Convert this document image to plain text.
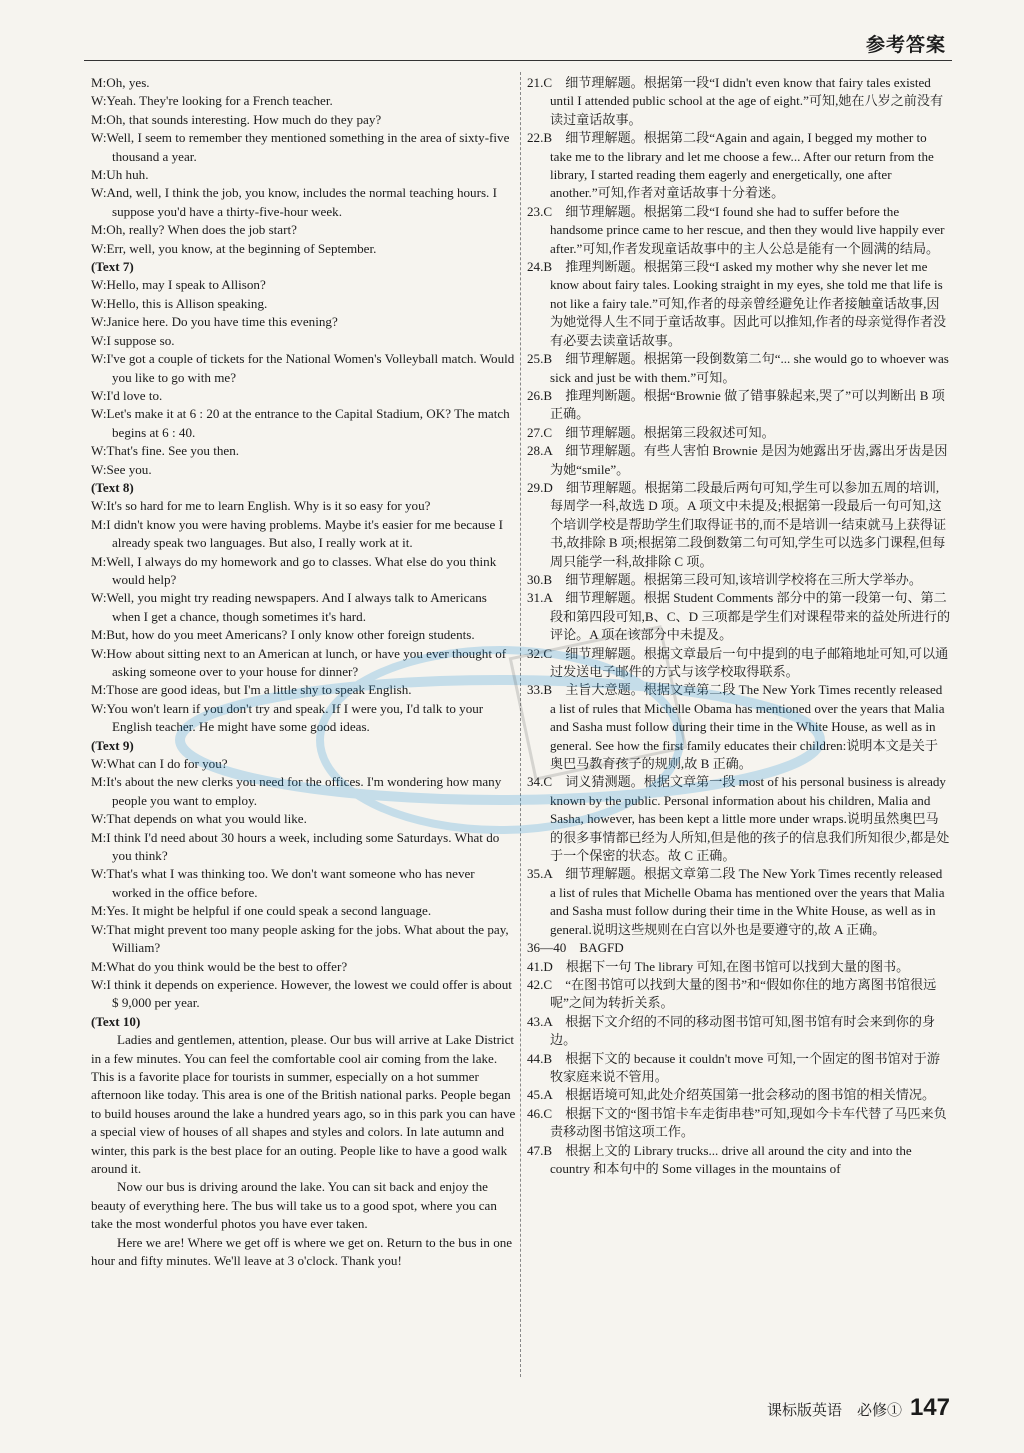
参考答案
M:Oh, yes.
W:Yeah. They're looking for a French teacher.
M:Oh, that sounds interesting. How much do they pay?
W:Well, I seem to remember they mentioned something in the area of sixty-five thousand a year.
M:Uh huh.
W:And, well, I think the job, you know, includes the normal teaching hours. I suppose you'd have a thirty-five-hour week.
M:Oh, really? When does the job start?
W:Err, well, you know, at the beginning of September.
(Text 7)
W:Hello, may I speak to Allison?
W:Hello, this is Allison speaking.
W:Janice here. Do you have time this evening?
W:I suppose so.
W:I've got a couple of tickets for the National Women's Volleyball match. Would you like to go with me?
W:I'd love to.
W:Let's make it at 6 : 20 at the entrance to the Capital Stadium, OK? The match begins at 6 : 40.
W:That's fine. See you then.
W:See you.
(Text 8)
W:It's so hard for me to learn English. Why is it so easy for you?
M:I didn't know you were having problems. Maybe it's easier for me because I already speak two languages. But also, I really work at it.
M:Well, I always do my homework and go to classes. What else do you think would help?
W:Well, you might try reading newspapers. And I always talk to Americans when I get a chance, though sometimes it's hard.
M:But, how do you meet Americans? I only know other foreign students.
W:How about sitting next to an American at lunch, or have you ever thought of asking someone over to your house for dinner?
M:Those are good ideas, but I'm a little shy to speak English.
W:You won't learn if you don't try and speak. If I were you, I'd talk to your English teacher. He might have some good ideas.
(Text 9)
W:What can I do for you?
M:It's about the new clerks you need for the offices. I'm wondering how many people you want to employ.
W:That depends on what you would like.
M:I think I'd need about 30 hours a week, including some Saturdays. What do you think?
W:That's what I was thinking too. We don't want someone who has never worked in the office before.
M:Yes. It might be helpful if one could speak a second language.
W:That might prevent too many people asking for the jobs. What about the pay, William?
M:What do you think would be the best to offer?
W:I think it depends on experience. However, the lowest we could offer is about $ 9,000 per year.
(Text 10)
Ladies and gentlemen, attention, please. Our bus will arrive at Lake District in a few minutes. You can feel the comfortable cool air coming from the lake. This is a favorite place for tourists in summer, especially on a hot summer afternoon like today. This area is one of the British national parks. People began to build houses around the lake a hundred years ago, so in this park you can have a special view of houses of all shapes and styles and colors. In late autumn and winter, this park is the best place for an outing. People like to have a good walk around it.
Now our bus is driving around the lake. You can sit back and enjoy the beauty of everything here. The bus will take us to a good spot, where you can take the most wonderful photos you have ever taken.
Here we are! Where we get off is where we get on. Return to the bus in one hour and fifty minutes. We'll leave at 3 o'clock. Thank you!
21.C　细节理解题。根据第一段“I didn't even know that fairy tales existed until I attended public school at the age of eight.”可知,她在八岁之前没有读过童话故事。
22.B　细节理解题。根据第二段“Again and again, I begged my mother to take me to the library and let me choose a few... After our return from the library, I started reading them eagerly and energetically, one after another.”可知,作者对童话故事十分着迷。
23.C　细节理解题。根据第二段“I found she had to suffer before the handsome prince came to her rescue, and then they would live happily ever after.”可知,作者发现童话故事中的主人公总是能有一个圆满的结局。
24.B　推理判断题。根据第三段“I asked my mother why she never let me know about fairy tales. Looking straight in my eyes, she told me that life is not like a fairy tale.”可知,作者的母亲曾经避免让作者接触童话故事,因为她觉得人生不同于童话故事。因此可以推知,作者的母亲觉得作者没有必要去读童话故事。
25.B　细节理解题。根据第一段倒数第二句“... she would go to whoever was sick and just be with them.”可知。
26.B　推理判断题。根据“Brownie 做了错事躲起来,哭了”可以判断出 B 项正确。
27.C　细节理解题。根据第三段叙述可知。
28.A　细节理解题。有些人害怕 Brownie 是因为她露出牙齿,露出牙齿是因为她“smile”。
29.D　细节理解题。根据第二段最后两句可知,学生可以参加五周的培训,每周学一科,故选 D 项。A 项文中未提及;根据第一段最后一句可知,这个培训学校是帮助学生们取得证书的,而不是培训一结束就马上获得证书,故排除 B 项;根据第二段倒数第二句可知,学生可以选多门课程,但每周只能学一科,故排除 C 项。
30.B　细节理解题。根据第三段可知,该培训学校将在三所大学举办。
31.A　细节理解题。根据 Student Comments 部分中的第一段第一句、第二段和第四段可知,B、C、D 三项都是学生们对课程带来的益处所进行的评论。A 项在该部分中未提及。
32.C　细节理解题。根据文章最后一句中提到的电子邮箱地址可知,可以通过发送电子邮件的方式与该学校取得联系。
33.B　主旨大意题。根据文章第二段 The New York Times recently released a list of rules that Michelle Obama has mentioned over the years that Malia and Sasha must follow during their time in the White House, as well as in general. See how the first family educates their children:说明本文是关于奥巴马教育孩子的规则,故 B 正确。
34.C　词义猜测题。根据文章第一段 most of his personal business is already known by the public. Personal information about his children, Malia and Sasha, however, has been kept a little more under wraps.说明虽然奥巴马的很多事情都已经为人所知,但是他的孩子的信息我们所知很少,都是处于一个保密的状态。故 C 正确。
35.A　细节理解题。根据文章第二段 The New York Times recently released a list of rules that Michelle Obama has mentioned over the years that Malia and Sasha must follow during their time in the White House, as well as in general.说明这些规则在白宫以外也是要遵守的,故 A 正确。
36—40　BAGFD
41.D　根据下一句 The library 可知,在图书馆可以找到大量的图书。
42.C　“在图书馆可以找到大量的图书”和“假如你住的地方离图书馆很远呢”之间为转折关系。
43.A　根据下文介绍的不同的移动图书馆可知,图书馆有时会来到你的身边。
44.B　根据下文的 because it couldn't move 可知,一个固定的图书馆对于游牧家庭来说不管用。
45.A　根据语境可知,此处介绍英国第一批会移动的图书馆的相关情况。
46.C　根据下文的“图书馆卡车走街串巷”可知,现如今卡车代替了马匹来负责移动图书馆这项工作。
47.B　根据上文的 Library trucks... drive all around the city and into the country 和本句中的 Some villages in the mountains of
课标版英语　必修① 147
